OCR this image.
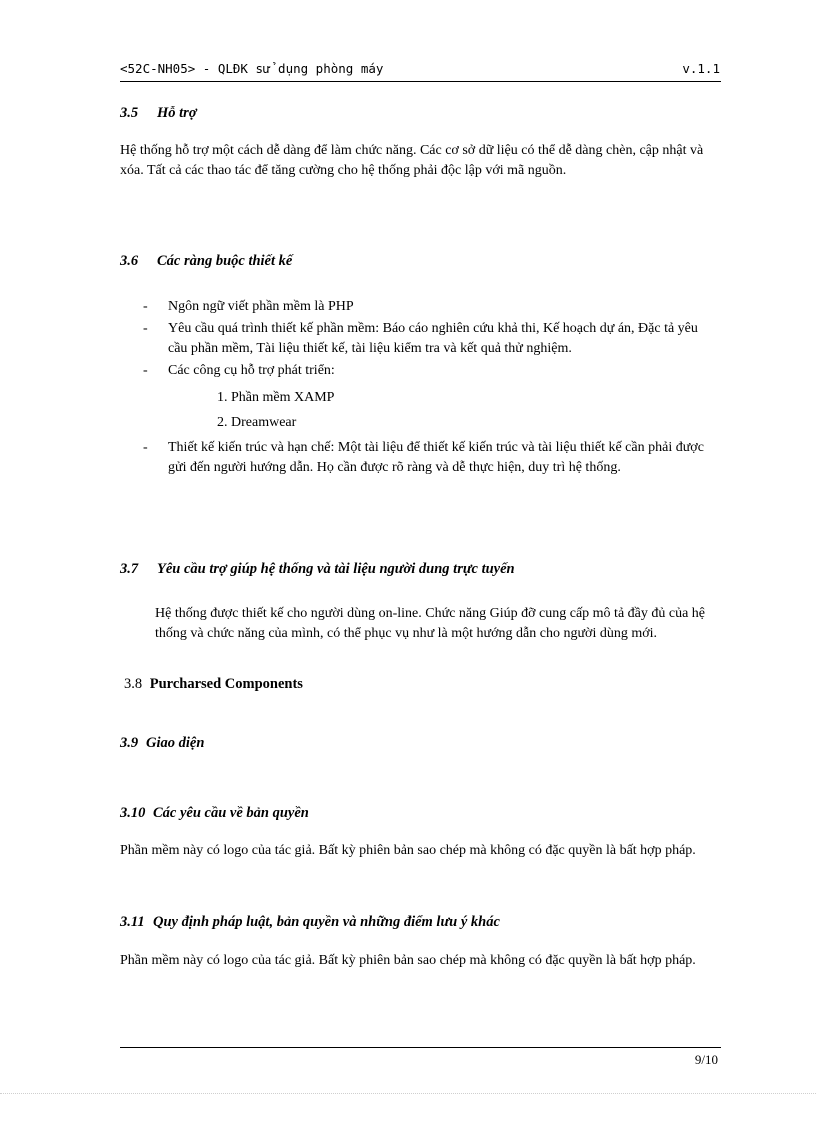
<52C-NH05> - QLĐK sử dụng phòng máy	v.1.1
3.5 Hỗ trợ

Hệ thống hỗ trợ một cách dễ dàng để làm chức năng. Các cơ sở dữ liệu có thể dễ dàng chèn, cập nhật và xóa. Tất cả các thao tác để tăng cường cho hệ thống phải độc lập với mã nguồn.

3.6 Các ràng buộc thiết kế
- Ngôn ngữ viết phần mềm là PHP
- Yêu cầu quá trình thiết kế phần mềm: Báo cáo nghiên cứu khả thi, Kế hoạch dự án, Đặc tả yêu cầu phần mềm, Tài liệu thiết kế, tài liệu kiểm tra và kết quả thử nghiệm.
- Các công cụ hỗ trợ phát triển:
1. Phần mềm XAMP
2. Dreamwear
- Thiết kế kiến trúc và hạn chế: Một tài liệu để thiết kế kiến trúc và tài liệu thiết kế cần phải được gửi đến người hướng dẫn. Họ cần được rõ ràng và dễ thực hiện, duy trì hệ thống.
3.7 Yêu cầu trợ giúp hệ thống và tài liệu người dung trực tuyến

Hệ thống được thiết kế cho người dùng on-line. Chức năng Giúp đỡ cung cấp mô tả đầy đủ của hệ thống và chức năng của mình, có thể phục vụ như là một hướng dẫn cho người dùng mới.

3.8 Purcharsed Components
3.9 Giao diện
3.10 Các yêu cầu về bản quyền

Phần mềm này có logo của tác giả. Bất kỳ phiên bản sao chép mà không có đặc quyền là bất hợp pháp.

3.11 Quy định pháp luật, bản quyền và những điểm lưu ý khác

Phần mềm này có logo của tác giả. Bất kỳ phiên bản sao chép mà không có đặc quyền là bất hợp pháp.

9/10
